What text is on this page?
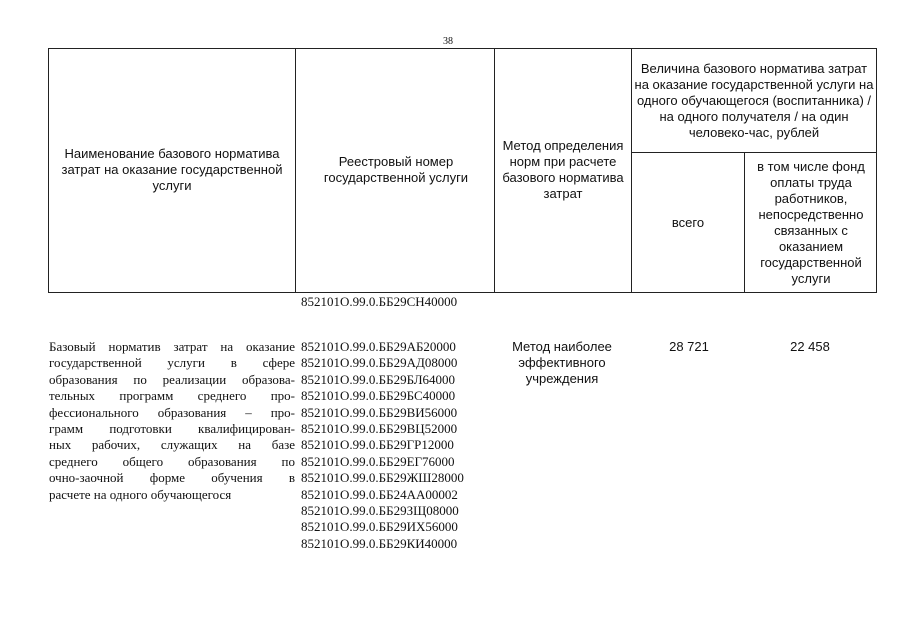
38
Наименование базового норматива затрат на оказание государственной услуги
Реестровый номер государственной услуги
Метод определения норм при расчете базового норматива затрат
Величина базового норматива затрат на оказание государственной услуги на одного обучающегося (воспитанника) / на одного получателя / на один человеко-час, рублей
всего
в том числе фонд оплаты труда работников, непосредственно связанных с оказанием государственной услуги
852101О.99.0.ББ29СН40000
Базовый норматив затрат на оказание
государственной услуги в сфере
образования по реализации образова-
тельных программ среднего про-
фессионального образования – про-
грамм подготовки квалифицирован-
ных рабочих, служащих на базе
среднего общего образования по
очно-заочной форме обучения в
расчете на одного обучающегося
852101О.99.0.ББ29АБ20000
852101О.99.0.ББ29АД08000
852101О.99.0.ББ29БЛ64000
852101О.99.0.ББ29БС40000
852101О.99.0.ББ29ВИ56000
852101О.99.0.ББ29ВЦ52000
852101О.99.0.ББ29ГР12000
852101О.99.0.ББ29ЕГ76000
852101О.99.0.ББ29ЖШ28000
852101О.99.0.ББ24АА00002
852101О.99.0.ББ29ЗЩ08000
852101О.99.0.ББ29ИХ56000
852101О.99.0.ББ29КИ40000
Метод наиболее эффективного учреждения
28 721	22 458
